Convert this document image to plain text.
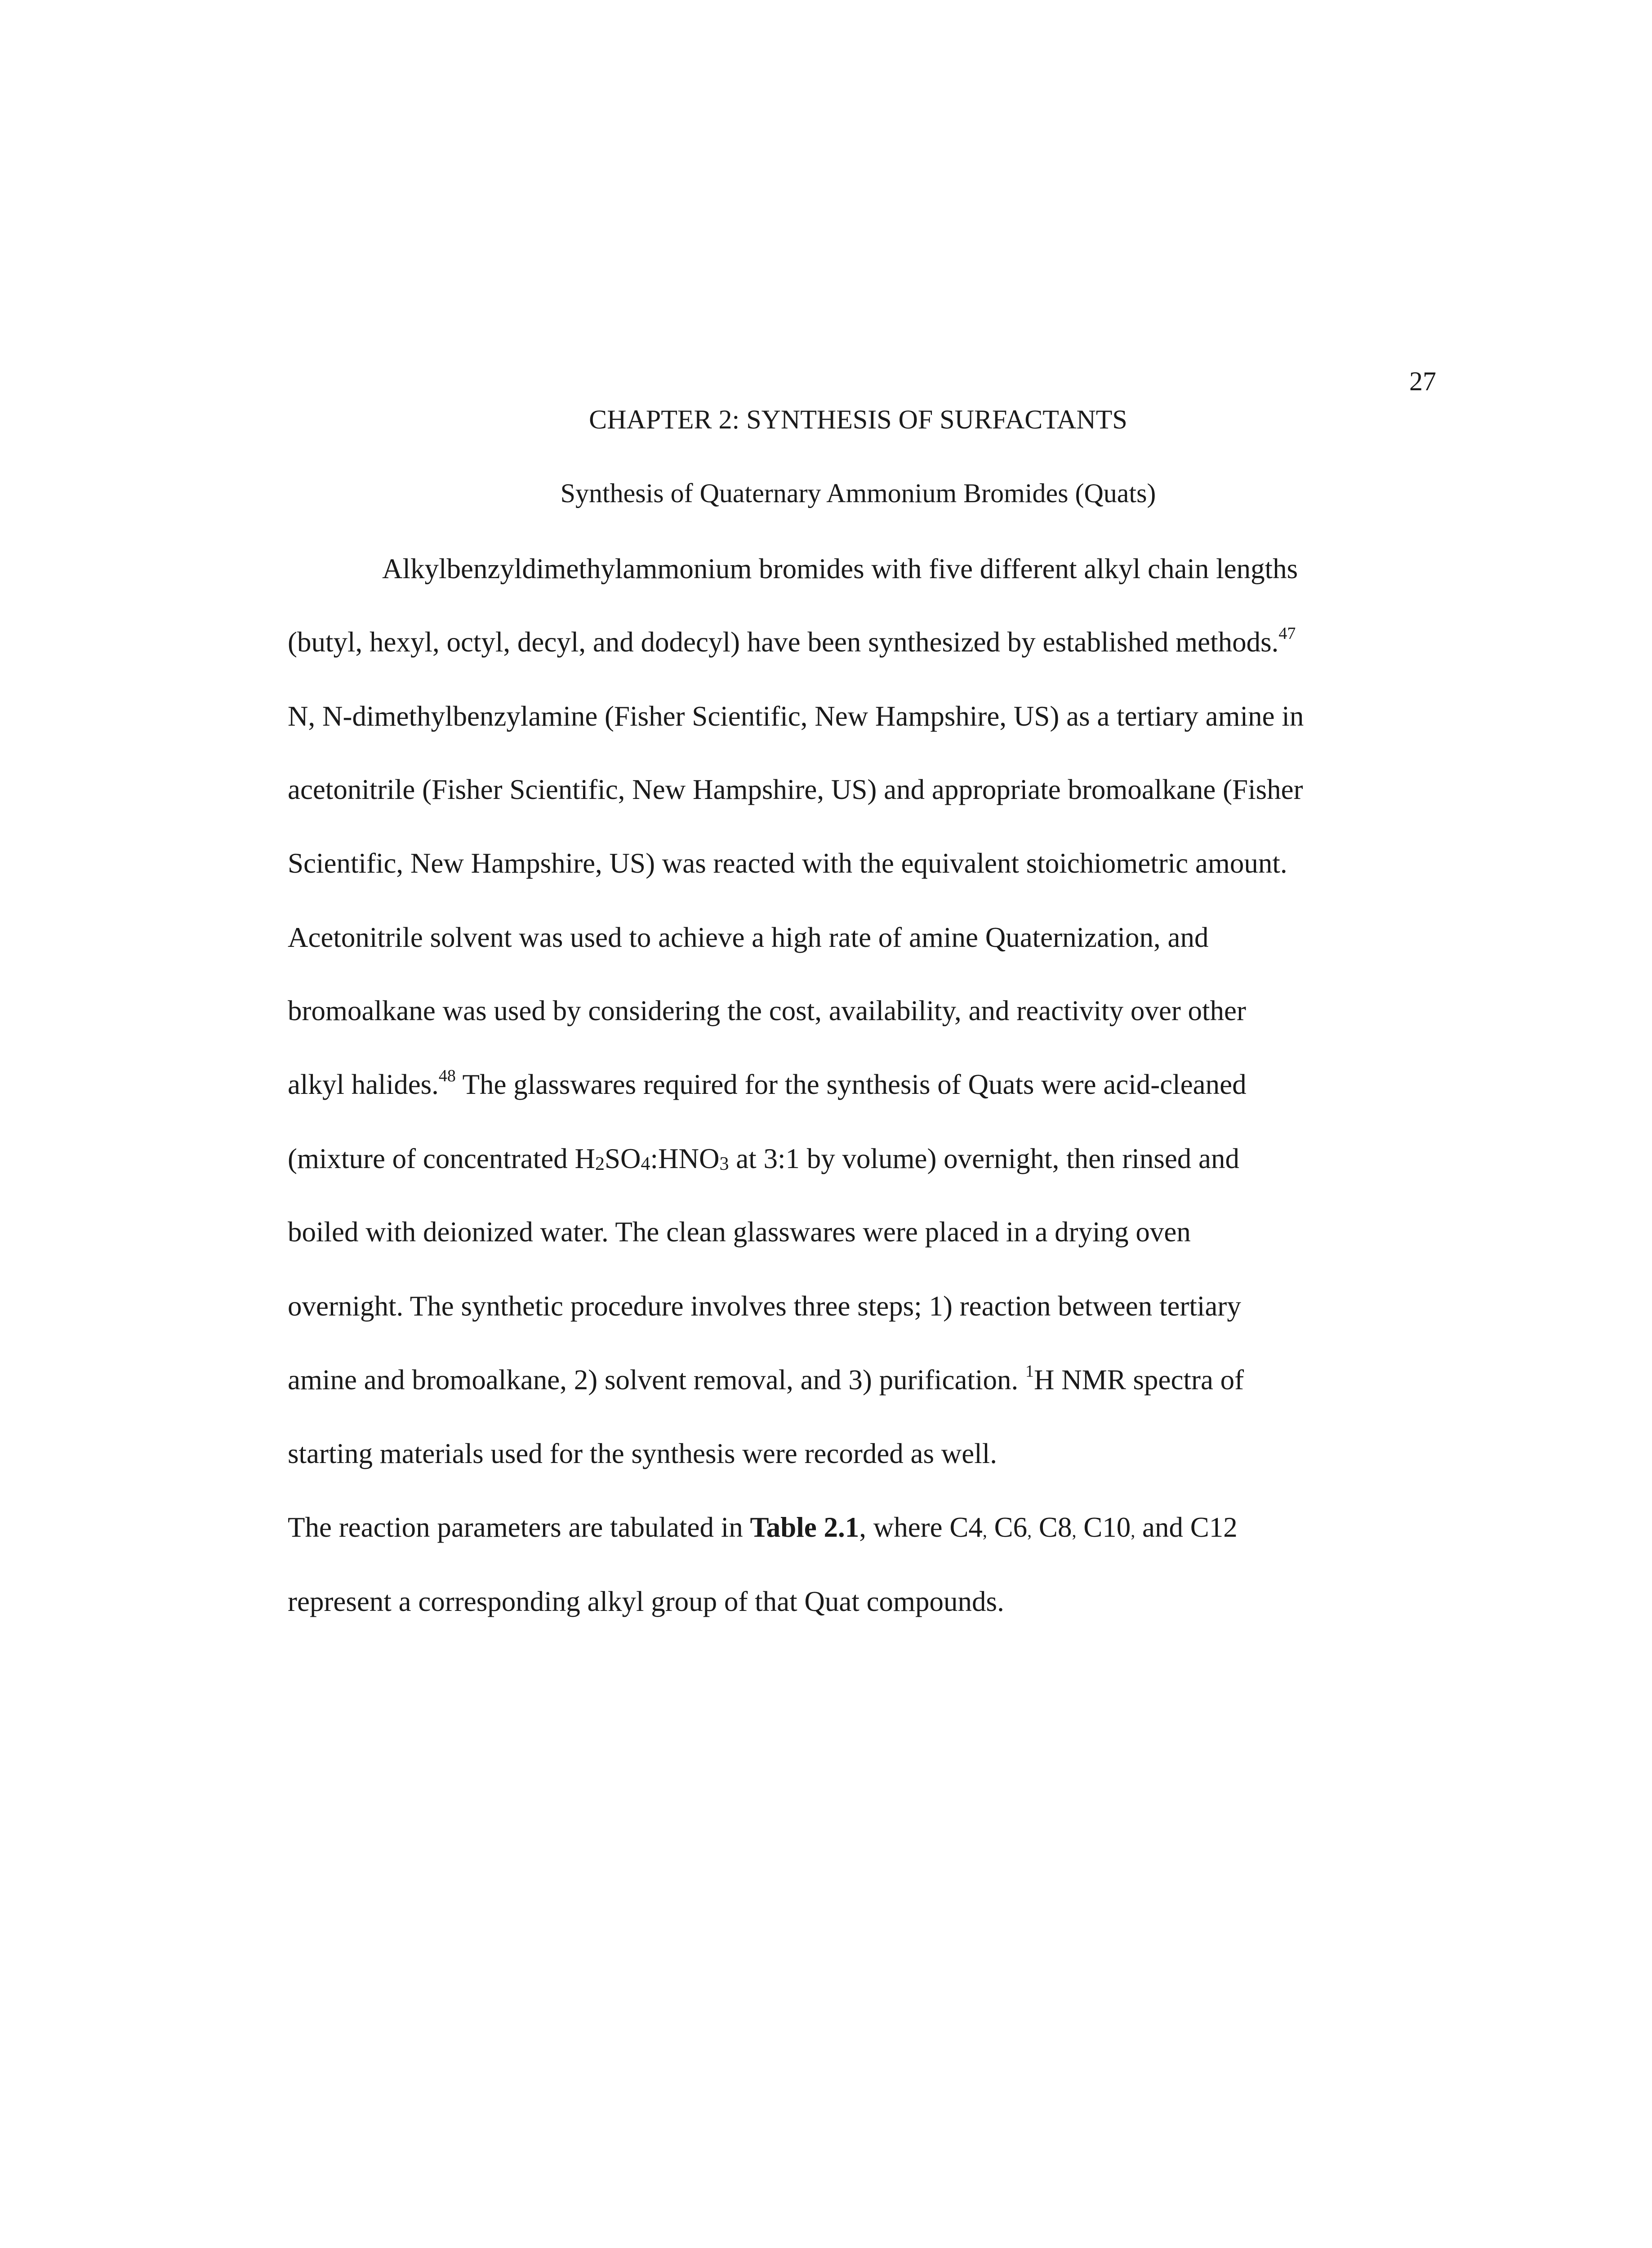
27
CHAPTER 2: SYNTHESIS OF SURFACTANTS
Synthesis of Quaternary Ammonium Bromides (Quats)
Alkylbenzyldimethylammonium bromides with five different alkyl chain lengths
(butyl, hexyl, octyl, decyl, and dodecyl) have been synthesized by established methods.$^{47}$
N, N-dimethylbenzylamine (Fisher Scientific, New Hampshire, US) as a tertiary amine in
acetonitrile (Fisher Scientific, New Hampshire, US) and appropriate bromoalkane (Fisher
Scientific, New Hampshire, US) was reacted with the equivalent stoichiometric amount.
Acetonitrile solvent was used to achieve a high rate of amine Quaternization, and
bromoalkane was used by considering the cost, availability, and reactivity over other
alkyl halides.$^{48}$ The glasswares required for the synthesis of Quats were acid-cleaned
(mixture of concentrated $H_2SO_4:HNO_3$ at 3:1 by volume) overnight, then rinsed and
boiled with deionized water. The clean glasswares were placed in a drying oven
overnight. The synthetic procedure involves three steps; 1) reaction between tertiary
amine and bromoalkane, 2) solvent removal, and 3) purification. $^1$H NMR spectra of
starting materials used for the synthesis were recorded as well.
The reaction parameters are tabulated in Table 2.1, where C4, C6, C8, C10, and C12
represent a corresponding alkyl group of that Quat compounds.
